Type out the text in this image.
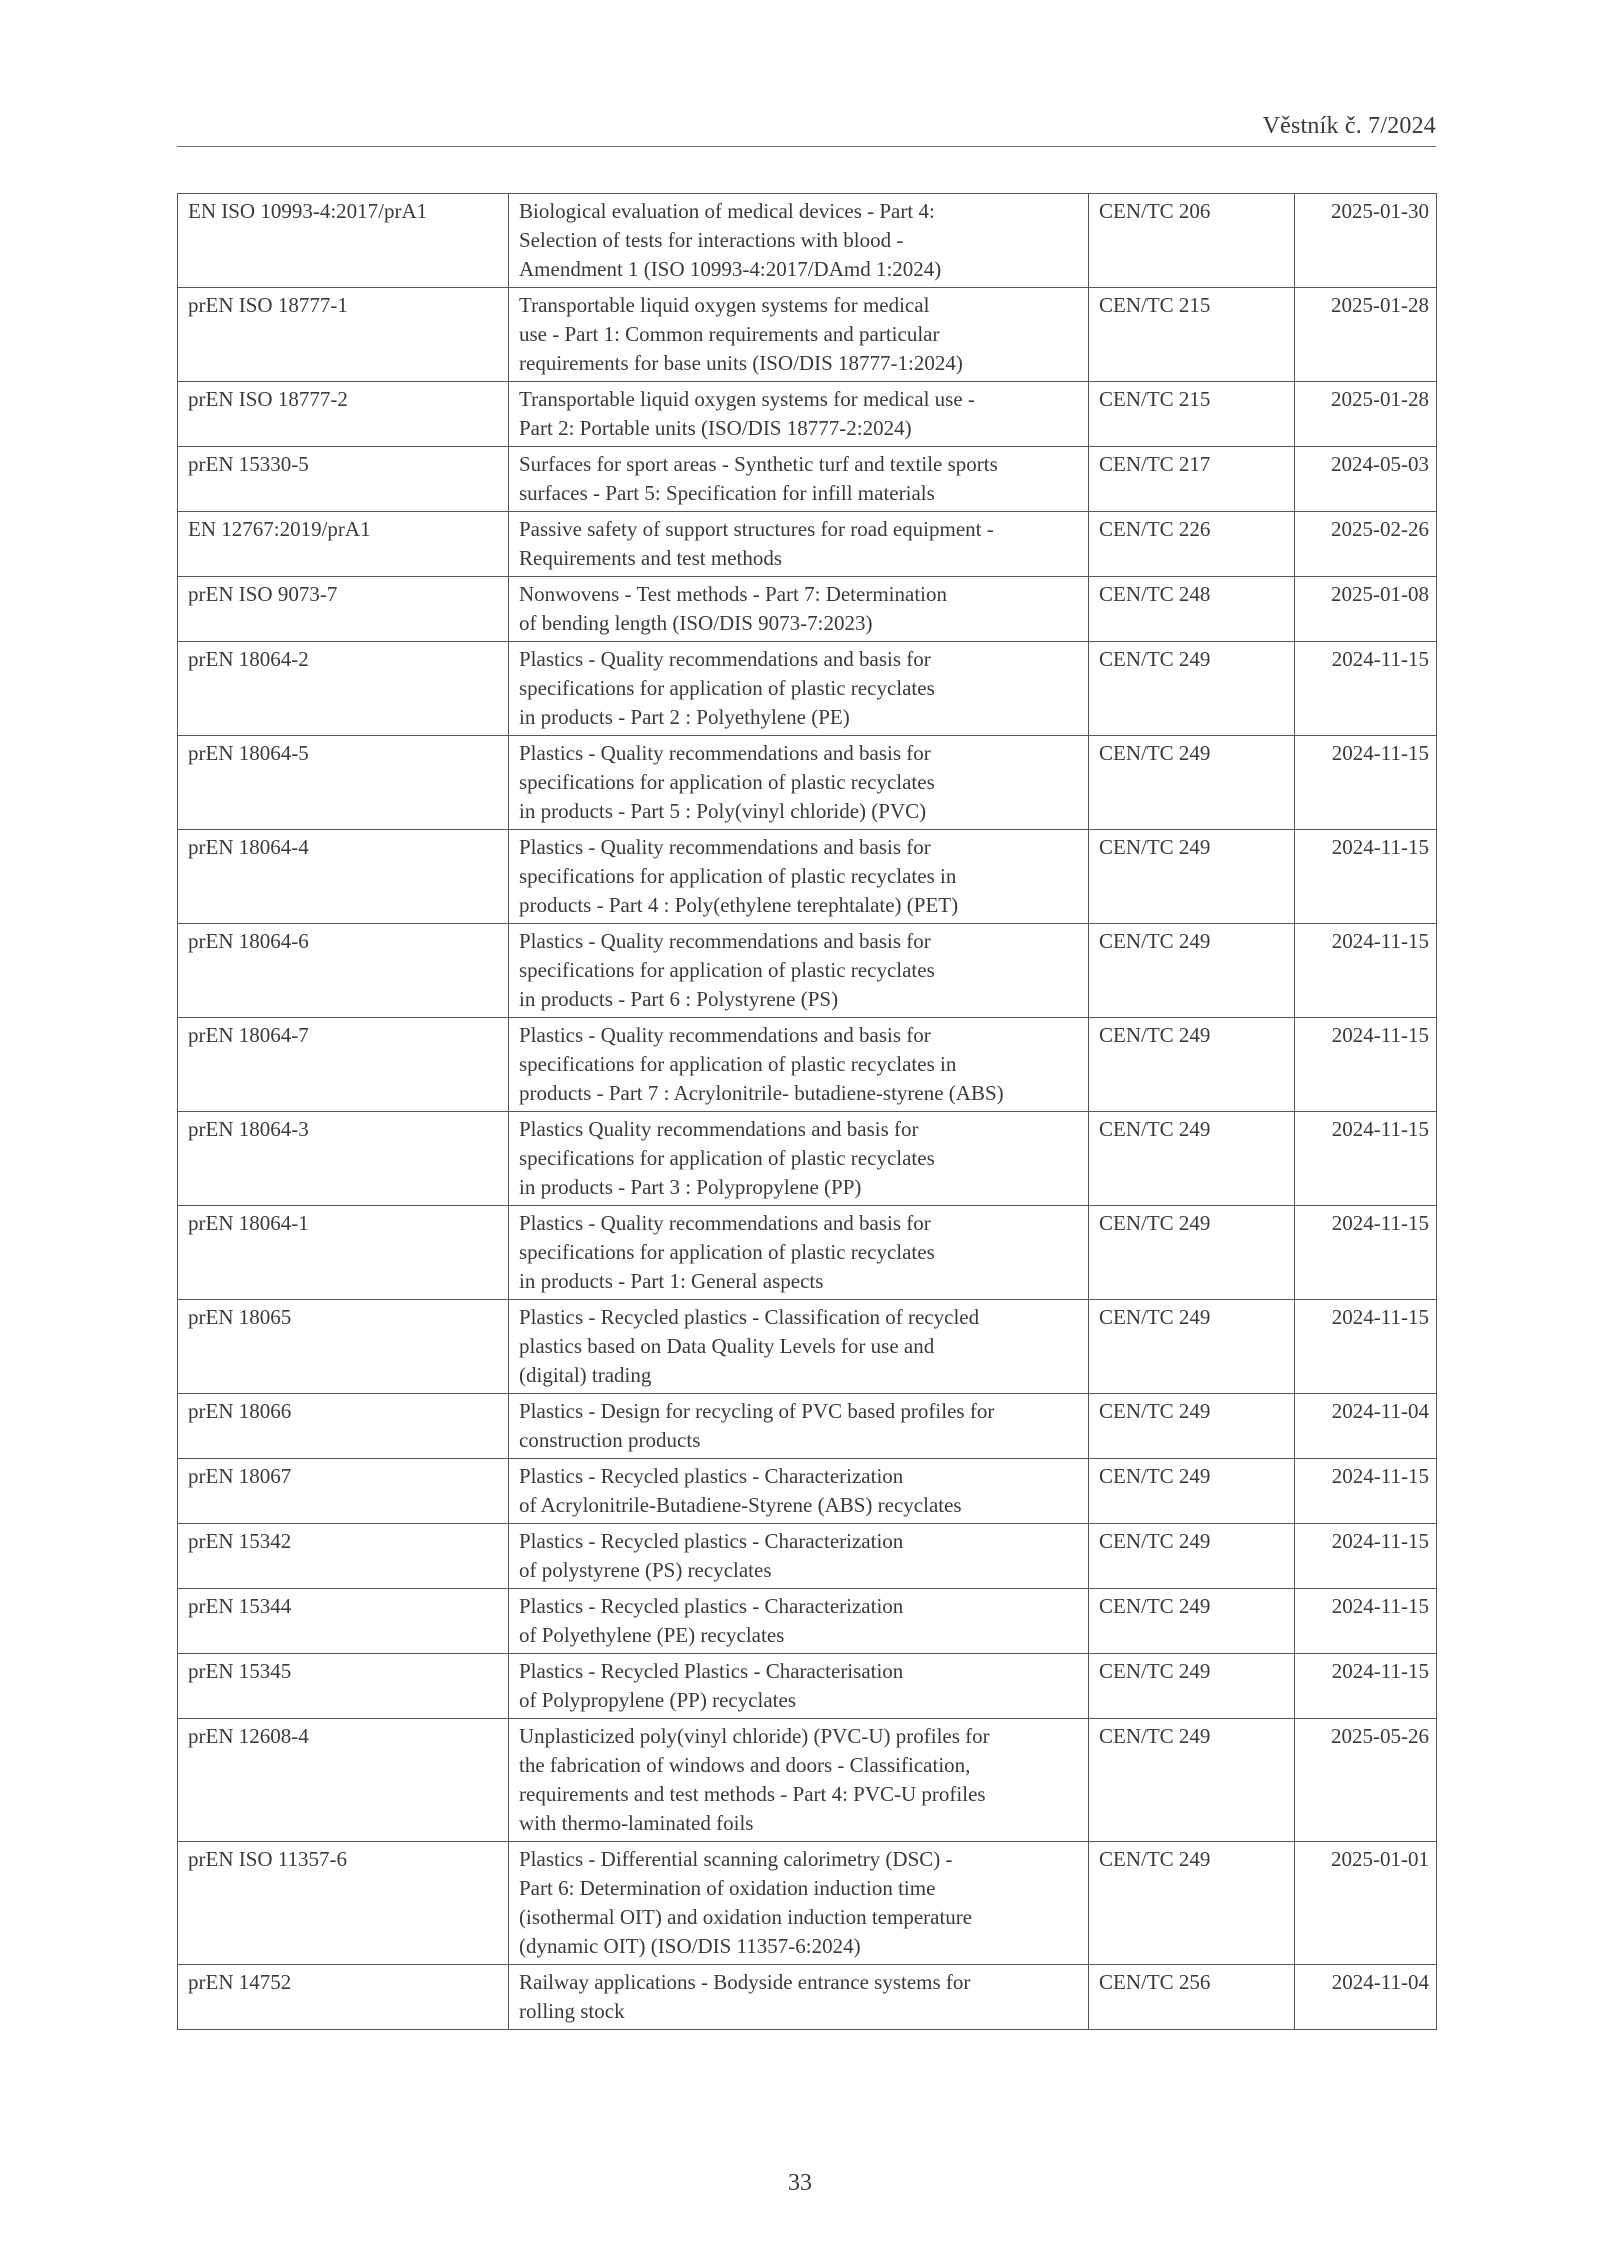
Věstník č. 7/2024
EN ISO 10993-4:2017/prA1	Biological evaluation of medical devices - Part 4:
Selection of tests for interactions with blood -
Amendment 1 (ISO 10993-4:2017/DAmd 1:2024)	CEN/TC 206	2025-01-30
prEN ISO 18777-1	Transportable liquid oxygen systems for medical
use - Part 1: Common requirements and particular
requirements for base units (ISO/DIS 18777-1:2024)	CEN/TC 215	2025-01-28
prEN ISO 18777-2	Transportable liquid oxygen systems for medical use -
Part 2: Portable units (ISO/DIS 18777-2:2024)	CEN/TC 215	2025-01-28
prEN 15330-5	Surfaces for sport areas - Synthetic turf and textile sports
surfaces - Part 5: Specification for infill materials	CEN/TC 217	2024-05-03
EN 12767:2019/prA1	Passive safety of support structures for road equipment -
Requirements and test methods	CEN/TC 226	2025-02-26
prEN ISO 9073-7	Nonwovens - Test methods - Part 7: Determination
of bending length (ISO/DIS 9073-7:2023)	CEN/TC 248	2025-01-08
prEN 18064-2	Plastics - Quality recommendations and basis for
specifications for application of plastic recyclates
in products - Part 2 : Polyethylene (PE)	CEN/TC 249	2024-11-15
prEN 18064-5	Plastics - Quality recommendations and basis for
specifications for application of plastic recyclates
in products - Part 5 : Poly(vinyl chloride) (PVC)	CEN/TC 249	2024-11-15
prEN 18064-4	Plastics - Quality recommendations and basis for
specifications for application of plastic recyclates in
products - Part 4 : Poly(ethylene terephtalate) (PET)	CEN/TC 249	2024-11-15
prEN 18064-6	Plastics - Quality recommendations and basis for
specifications for application of plastic recyclates
in products - Part 6 : Polystyrene (PS)	CEN/TC 249	2024-11-15
prEN 18064-7	Plastics - Quality recommendations and basis for
specifications for application of plastic recyclates in
products - Part 7 : Acrylonitrile- butadiene-styrene (ABS)	CEN/TC 249	2024-11-15
prEN 18064-3	Plastics Quality recommendations and basis for
specifications for application of plastic recyclates
in products - Part 3 : Polypropylene (PP)	CEN/TC 249	2024-11-15
prEN 18064-1	Plastics - Quality recommendations and basis for
specifications for application of plastic recyclates
in products - Part 1: General aspects	CEN/TC 249	2024-11-15
prEN 18065	Plastics - Recycled plastics - Classification of recycled
plastics based on Data Quality Levels for use and
(digital) trading	CEN/TC 249	2024-11-15
prEN 18066	Plastics - Design for recycling of PVC based profiles for
construction products	CEN/TC 249	2024-11-04
prEN 18067	Plastics - Recycled plastics - Characterization
of Acrylonitrile-Butadiene-Styrene (ABS) recyclates	CEN/TC 249	2024-11-15
prEN 15342	Plastics - Recycled plastics - Characterization
of polystyrene (PS) recyclates	CEN/TC 249	2024-11-15
prEN 15344	Plastics - Recycled plastics - Characterization
of Polyethylene (PE) recyclates	CEN/TC 249	2024-11-15
prEN 15345	Plastics - Recycled Plastics - Characterisation
of Polypropylene (PP) recyclates	CEN/TC 249	2024-11-15
prEN 12608-4	Unplasticized poly(vinyl chloride) (PVC-U) profiles for
the fabrication of windows and doors - Classification,
requirements and test methods - Part 4: PVC-U profiles
with thermo-laminated foils	CEN/TC 249	2025-05-26
prEN ISO 11357-6	Plastics - Differential scanning calorimetry (DSC) -
Part 6: Determination of oxidation induction time
(isothermal OIT) and oxidation induction temperature
(dynamic OIT) (ISO/DIS 11357-6:2024)	CEN/TC 249	2025-01-01
prEN 14752	Railway applications - Bodyside entrance systems for
rolling stock	CEN/TC 256	2024-11-04
33
